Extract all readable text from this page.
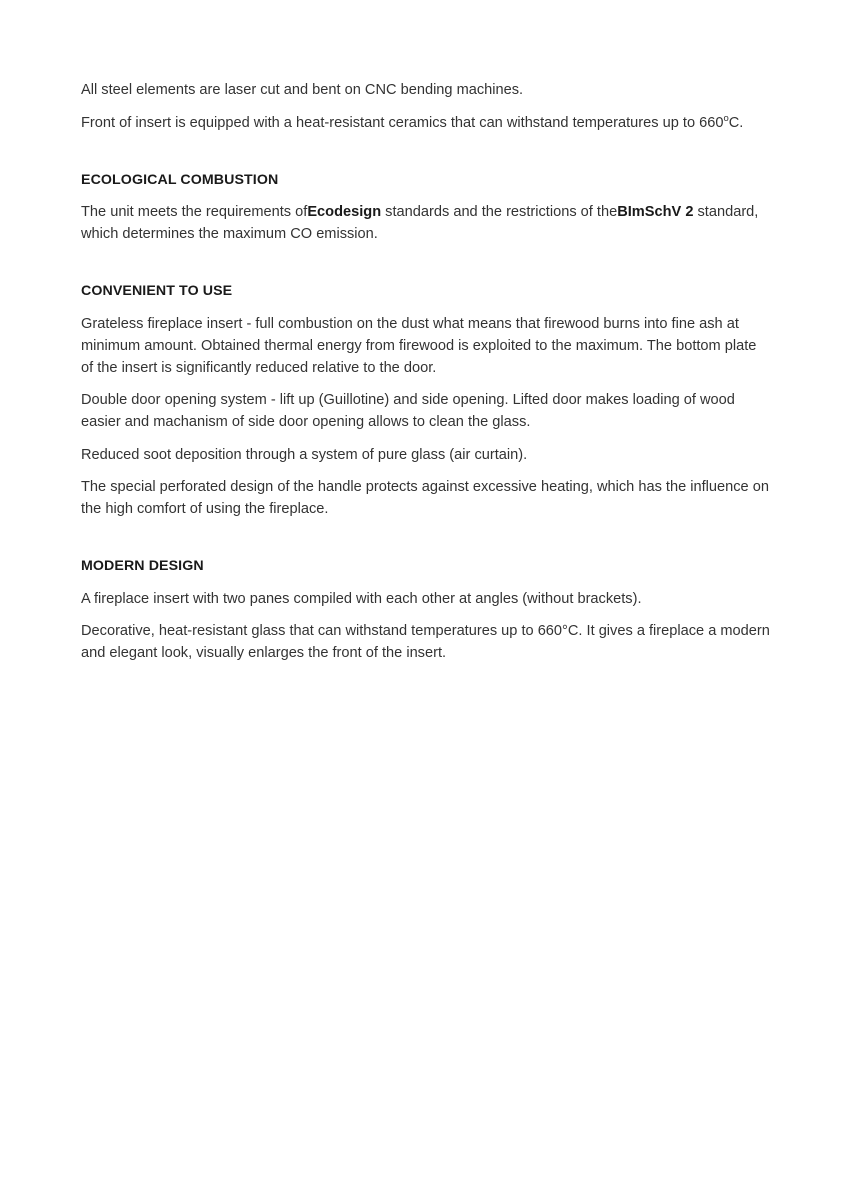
All steel elements are laser cut and bent on CNC bending machines.

Front of insert is equipped with a heat-resistant ceramics that can withstand temperatures up to 660$^o$C.

ECOLOGICAL COMBUSTION

The unit meets the requirements ofEcodesign standards and the restrictions of theBImSchV 2 standard, which determines the maximum CO emission.

CONVENIENT TO USE

Grateless fireplace insert - full combustion on the dust what means that firewood burns into fine ash at minimum amount. Obtained thermal energy from firewood is exploited to the maximum. The bottom plate of the insert is significantly reduced relative to the door.

Double door opening system - lift up (Guillotine) and side opening. Lifted door makes loading of wood easier and machanism of side door opening allows to clean the glass.

Reduced soot deposition through a system of pure glass (air curtain).

The special perforated design of the handle protects against excessive heating, which has the influence on the high comfort of using the fireplace.

MODERN DESIGN

A fireplace insert with two panes compiled with each other at angles (without brackets).

Decorative, heat-resistant glass that can withstand temperatures up to 660°C. It gives a fireplace a modern and elegant look, visually enlarges the front of the insert.
